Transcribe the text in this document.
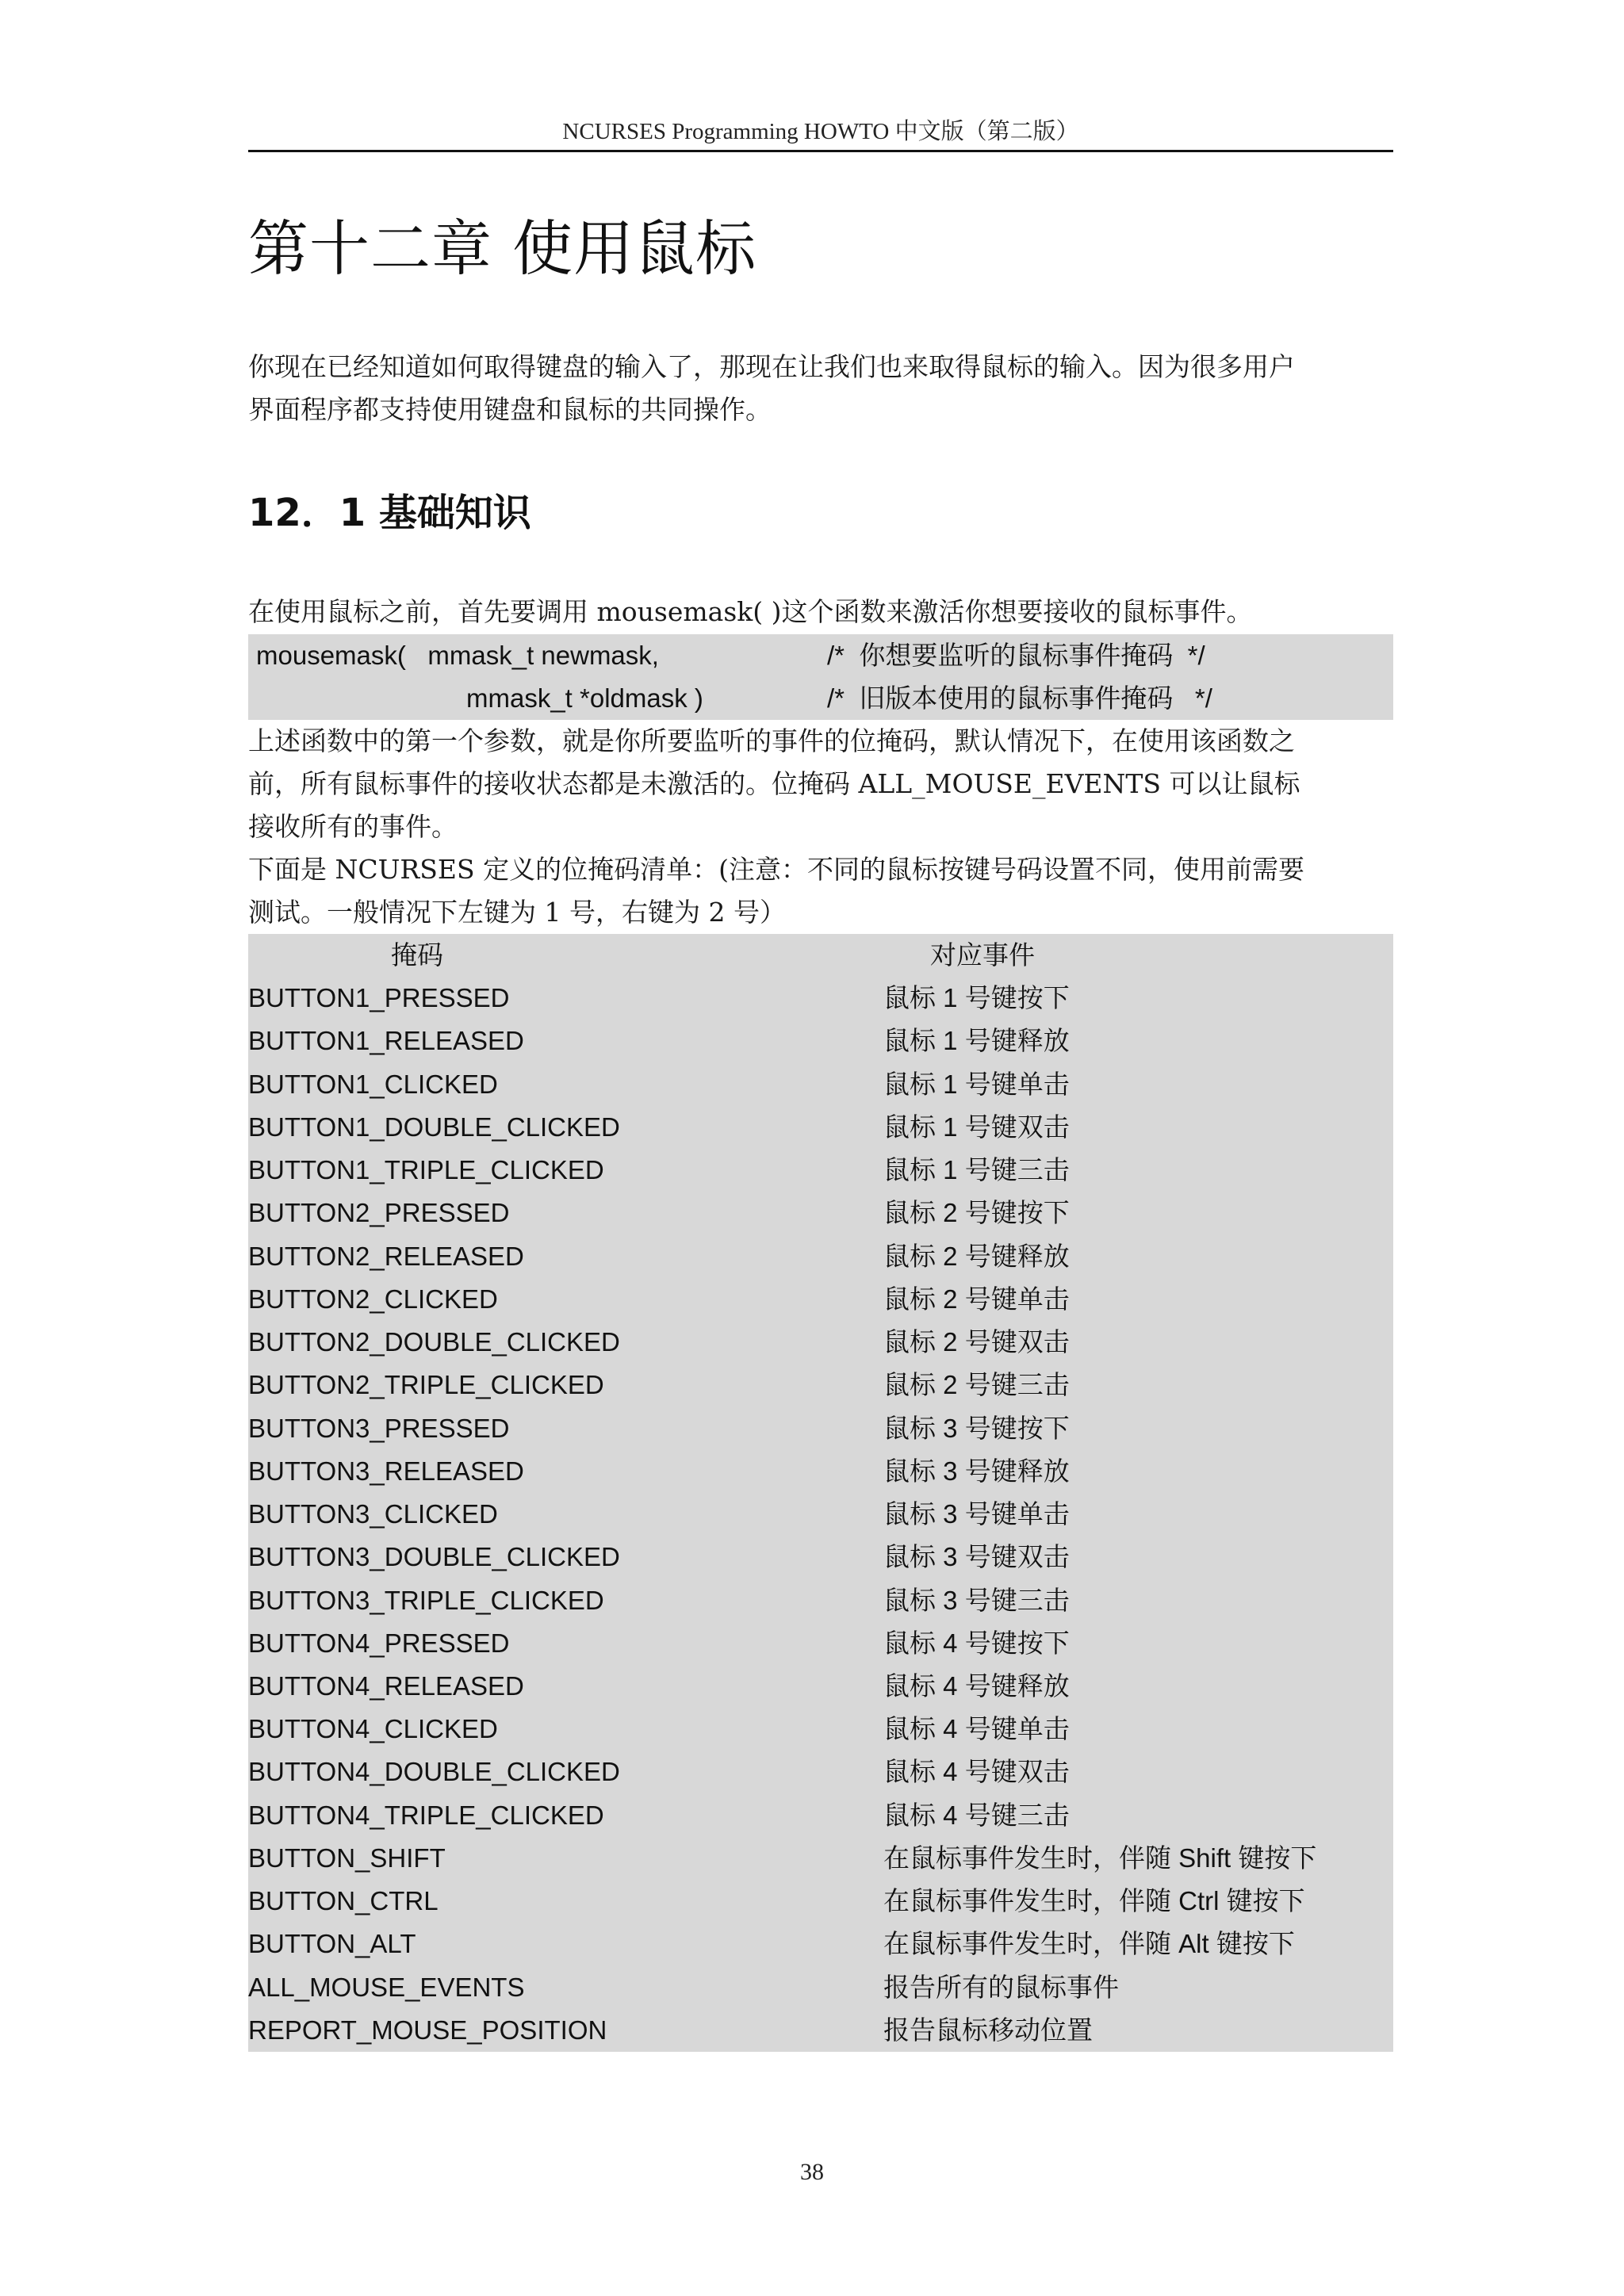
NCURSES Programming HOWTO 中文版（第二版）
第十二章 使用鼠标
你现在已经知道如何取得键盘的输入了，那现在让我们也来取得鼠标的输入。因为很多用户
界面程序都支持使用键盘和鼠标的共同操作。
12．1 基础知识
在使用鼠标之前，首先要调用 mousemask( )这个函数来激活你想要接收的鼠标事件。
mousemask(   mmask_t newmask,	/*  你想要监听的鼠标事件掩码  */
mmask_t *oldmask )	/*  旧版本使用的鼠标事件掩码   */
上述函数中的第一个参数，就是你所要监听的事件的位掩码，默认情况下，在使用该函数之
前，所有鼠标事件的接收状态都是未激活的。位掩码 ALL_MOUSE_EVENTS 可以让鼠标
接收所有的事件。
下面是 NCURSES 定义的位掩码清单：(注意：不同的鼠标按键号码设置不同，使用前需要
测试。一般情况下左键为 1 号，右键为 2 号）
掩码	对应事件
BUTTON1_PRESSED	鼠标 1 号键按下
BUTTON1_RELEASED	鼠标 1 号键释放
BUTTON1_CLICKED	鼠标 1 号键单击
BUTTON1_DOUBLE_CLICKED	鼠标 1 号键双击
BUTTON1_TRIPLE_CLICKED	鼠标 1 号键三击
BUTTON2_PRESSED	鼠标 2 号键按下
BUTTON2_RELEASED	鼠标 2 号键释放
BUTTON2_CLICKED	鼠标 2 号键单击
BUTTON2_DOUBLE_CLICKED	鼠标 2 号键双击
BUTTON2_TRIPLE_CLICKED	鼠标 2 号键三击
BUTTON3_PRESSED	鼠标 3 号键按下
BUTTON3_RELEASED	鼠标 3 号键释放
BUTTON3_CLICKED	鼠标 3 号键单击
BUTTON3_DOUBLE_CLICKED	鼠标 3 号键双击
BUTTON3_TRIPLE_CLICKED	鼠标 3 号键三击
BUTTON4_PRESSED	鼠标 4 号键按下
BUTTON4_RELEASED	鼠标 4 号键释放
BUTTON4_CLICKED	鼠标 4 号键单击
BUTTON4_DOUBLE_CLICKED	鼠标 4 号键双击
BUTTON4_TRIPLE_CLICKED	鼠标 4 号键三击
BUTTON_SHIFT	在鼠标事件发生时，伴随 Shift 键按下
BUTTON_CTRL	在鼠标事件发生时，伴随 Ctrl 键按下
BUTTON_ALT	在鼠标事件发生时，伴随 Alt 键按下
ALL_MOUSE_EVENTS	报告所有的鼠标事件
REPORT_MOUSE_POSITION	报告鼠标移动位置
38
